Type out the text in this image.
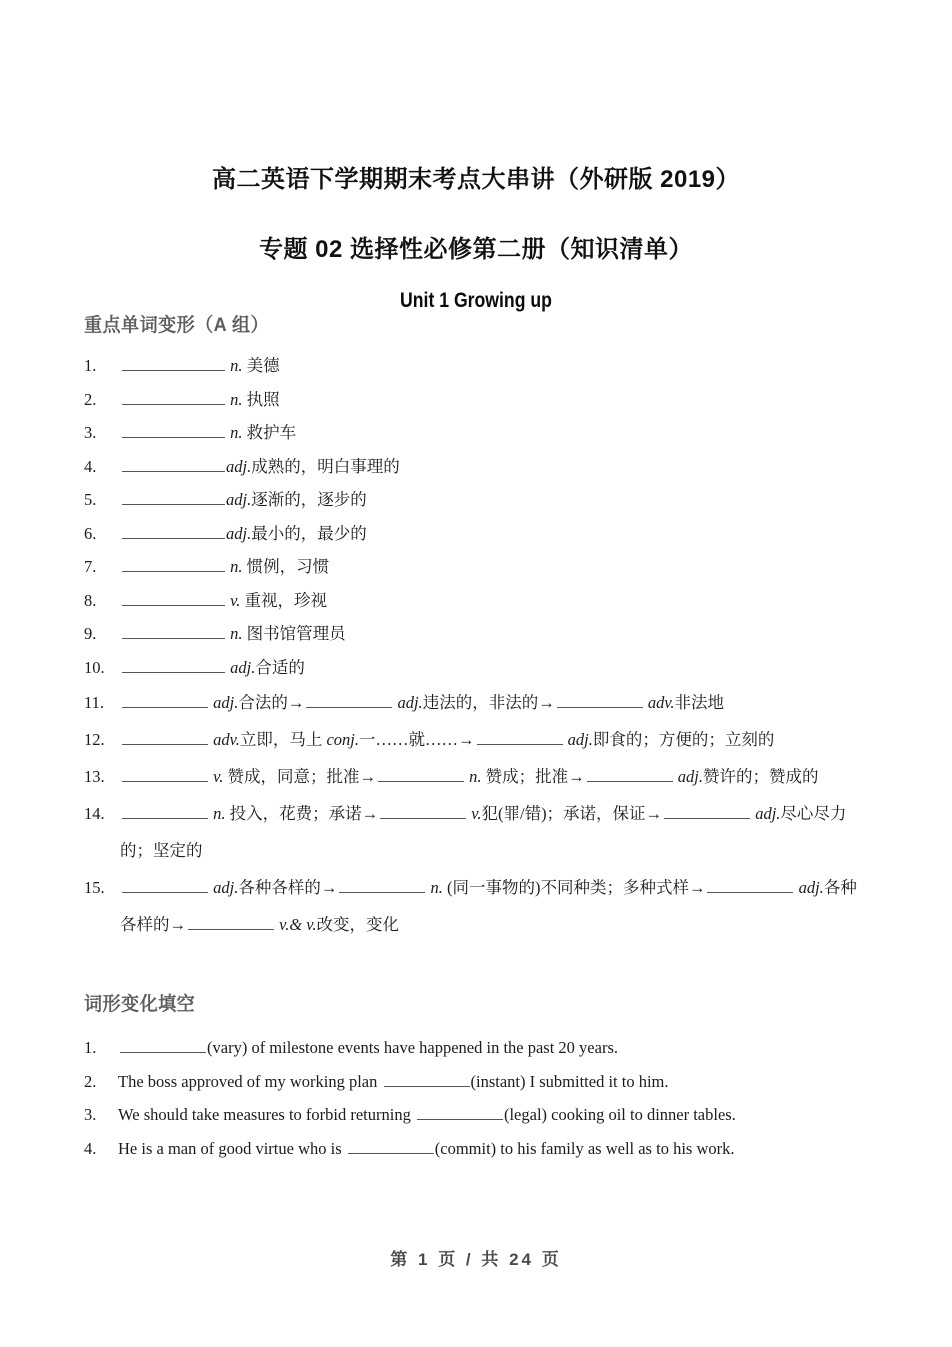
高二英语下学期期末考点大串讲（外研版 2019）
专题 02 选择性必修第二册（知识清单）
Unit 1 Growing up
重点单词变形（A 组）
1.	n. 美德
2.	n. 执照
3.	n. 救护车
4.	adj.成熟的，明白事理的
5.	adj.逐渐的，逐步的
6.	adj.最小的，最少的
7.	n. 惯例，习惯
8.	v. 重视，珍视
9.	n. 图书馆管理员
10.	adj.合适的
11.	adj.合法的→	adj.违法的，非法的→	adv.非法地
12.	adv.立即，马上 conj.一……就……→	adj.即食的；方便的；立刻的
13.	v. 赞成，同意；批准→	n. 赞成；批准→	adj.赞许的；赞成的
14.	n. 投入，花费；承诺→	v.犯(罪/错)；承诺，保证→	adj.尽心尽力的；坚定的
15.	adj.各种各样的→	n. (同一事物的)不同种类；多种式样→	adj.各种各样的→	v.& v.改变，变化
词形变化填空
1.	(vary) of milestone events have happened in the past 20 years.
2. The boss approved of my working plan	(instant) I submitted it to him.
3. We should take measures to forbid returning	(legal) cooking oil to dinner tables.
4. He is a man of good virtue who is	(commit) to his family as well as to his work.
第 1 页 / 共 24 页
